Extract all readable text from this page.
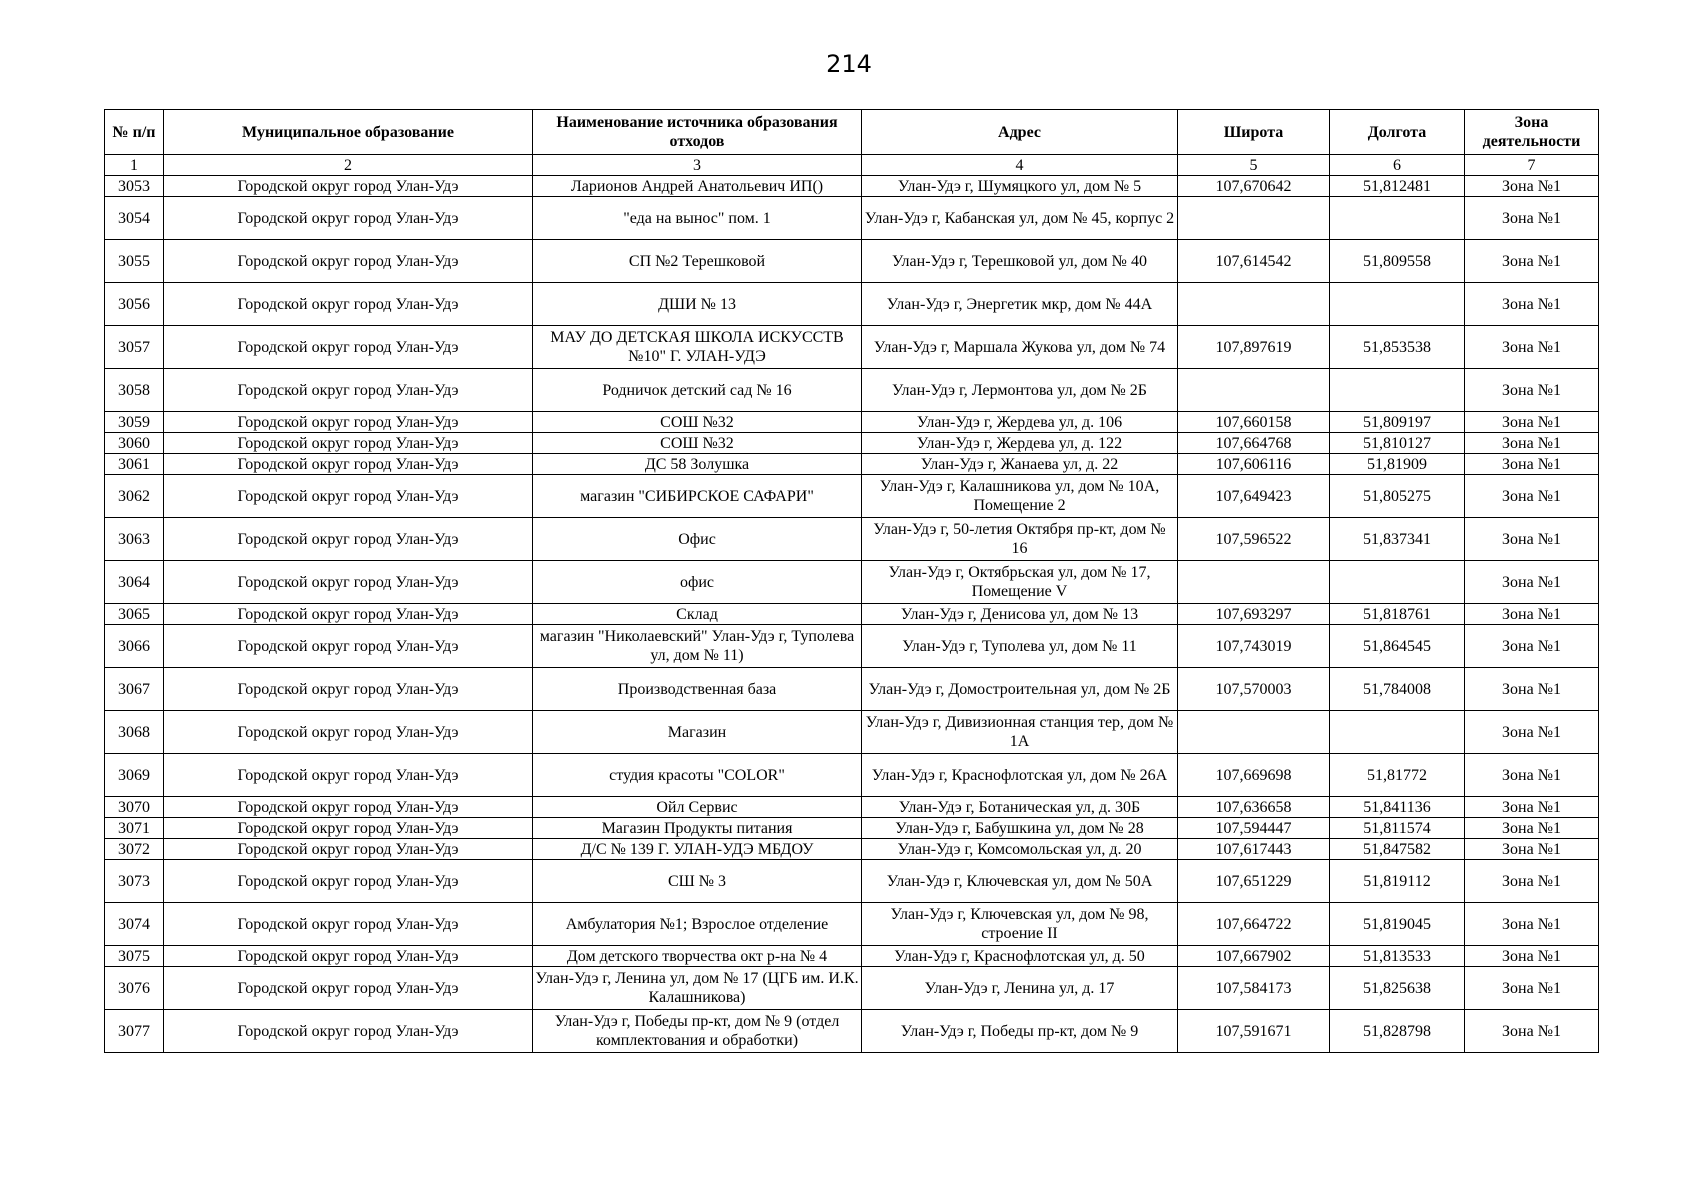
214
№ п/п	Муниципальное образование	Наименование источника образования отходов	Адрес	Широта	Долгота	Зона деятельности
1	2	3	4	5	6	7
3053	Городской округ город Улан-Удэ	Ларионов Андрей Анатольевич ИП()	Улан-Удэ г, Шумяцкого ул, дом № 5	107,670642	51,812481	Зона №1
3054	Городской округ город Улан-Удэ	"еда на вынос" пом. 1	Улан-Удэ г, Кабанская ул, дом № 45, корпус 2			Зона №1
3055	Городской округ город Улан-Удэ	СП №2 Терешковой	Улан-Удэ г, Терешковой ул, дом № 40	107,614542	51,809558	Зона №1
3056	Городской округ город Улан-Удэ	ДШИ № 13	Улан-Удэ г, Энергетик мкр, дом № 44А			Зона №1
3057	Городской округ город Улан-Удэ	МАУ ДО ДЕТСКАЯ ШКОЛА ИСКУССТВ №10" Г. УЛАН-УДЭ	Улан-Удэ г, Маршала Жукова ул, дом № 74	107,897619	51,853538	Зона №1
3058	Городской округ город Улан-Удэ	Родничок детский сад № 16	Улан-Удэ г, Лермонтова ул, дом № 2Б			Зона №1
3059	Городской округ город Улан-Удэ	СОШ №32	Улан-Удэ г, Жердева ул, д. 106	107,660158	51,809197	Зона №1
3060	Городской округ город Улан-Удэ	СОШ №32	Улан-Удэ г, Жердева ул, д. 122	107,664768	51,810127	Зона №1
3061	Городской округ город Улан-Удэ	ДС 58 Золушка	Улан-Удэ г, Жанаева ул, д. 22	107,606116	51,81909	Зона №1
3062	Городской округ город Улан-Удэ	магазин "СИБИРСКОЕ САФАРИ"	Улан-Удэ г, Калашникова ул, дом № 10А, Помещение 2	107,649423	51,805275	Зона №1
3063	Городской округ город Улан-Удэ	Офис	Улан-Удэ г, 50-летия Октября пр-кт, дом № 16	107,596522	51,837341	Зона №1
3064	Городской округ город Улан-Удэ	офис	Улан-Удэ г, Октябрьская ул, дом № 17, Помещение V			Зона №1
3065	Городской округ город Улан-Удэ	Склад	Улан-Удэ г, Денисова ул, дом № 13	107,693297	51,818761	Зона №1
3066	Городской округ город Улан-Удэ	магазин "Николаевский" Улан-Удэ г, Туполева ул, дом № 11)	Улан-Удэ г, Туполева ул, дом № 11	107,743019	51,864545	Зона №1
3067	Городской округ город Улан-Удэ	Производственная база	Улан-Удэ г, Домостроительная ул, дом № 2Б	107,570003	51,784008	Зона №1
3068	Городской округ город Улан-Удэ	Магазин	Улан-Удэ г, Дивизионная станция тер, дом № 1А			Зона №1
3069	Городской округ город Улан-Удэ	студия красоты "COLOR"	Улан-Удэ г, Краснофлотская ул, дом № 26А	107,669698	51,81772	Зона №1
3070	Городской округ город Улан-Удэ	Ойл Сервис	Улан-Удэ г, Ботаническая ул, д. 30Б	107,636658	51,841136	Зона №1
3071	Городской округ город Улан-Удэ	Магазин Продукты питания	Улан-Удэ г, Бабушкина ул, дом № 28	107,594447	51,811574	Зона №1
3072	Городской округ город Улан-Удэ	Д/С № 139 Г. УЛАН-УДЭ МБДОУ	Улан-Удэ г, Комсомольская ул, д. 20	107,617443	51,847582	Зона №1
3073	Городской округ город Улан-Удэ	СШ № 3	Улан-Удэ г, Ключевская ул, дом № 50А	107,651229	51,819112	Зона №1
3074	Городской округ город Улан-Удэ	Амбулатория №1; Взрослое отделение	Улан-Удэ г, Ключевская ул, дом № 98, строение II	107,664722	51,819045	Зона №1
3075	Городской округ город Улан-Удэ	Дом детского творчества окт р-на № 4	Улан-Удэ г, Краснофлотская ул, д. 50	107,667902	51,813533	Зона №1
3076	Городской округ город Улан-Удэ	Улан-Удэ г, Ленина ул, дом № 17 (ЦГБ им. И.К. Калашникова)	Улан-Удэ г, Ленина ул, д. 17	107,584173	51,825638	Зона №1
3077	Городской округ город Улан-Удэ	Улан-Удэ г, Победы пр-кт, дом № 9 (отдел комплектования и обработки)	Улан-Удэ г, Победы пр-кт, дом № 9	107,591671	51,828798	Зона №1
